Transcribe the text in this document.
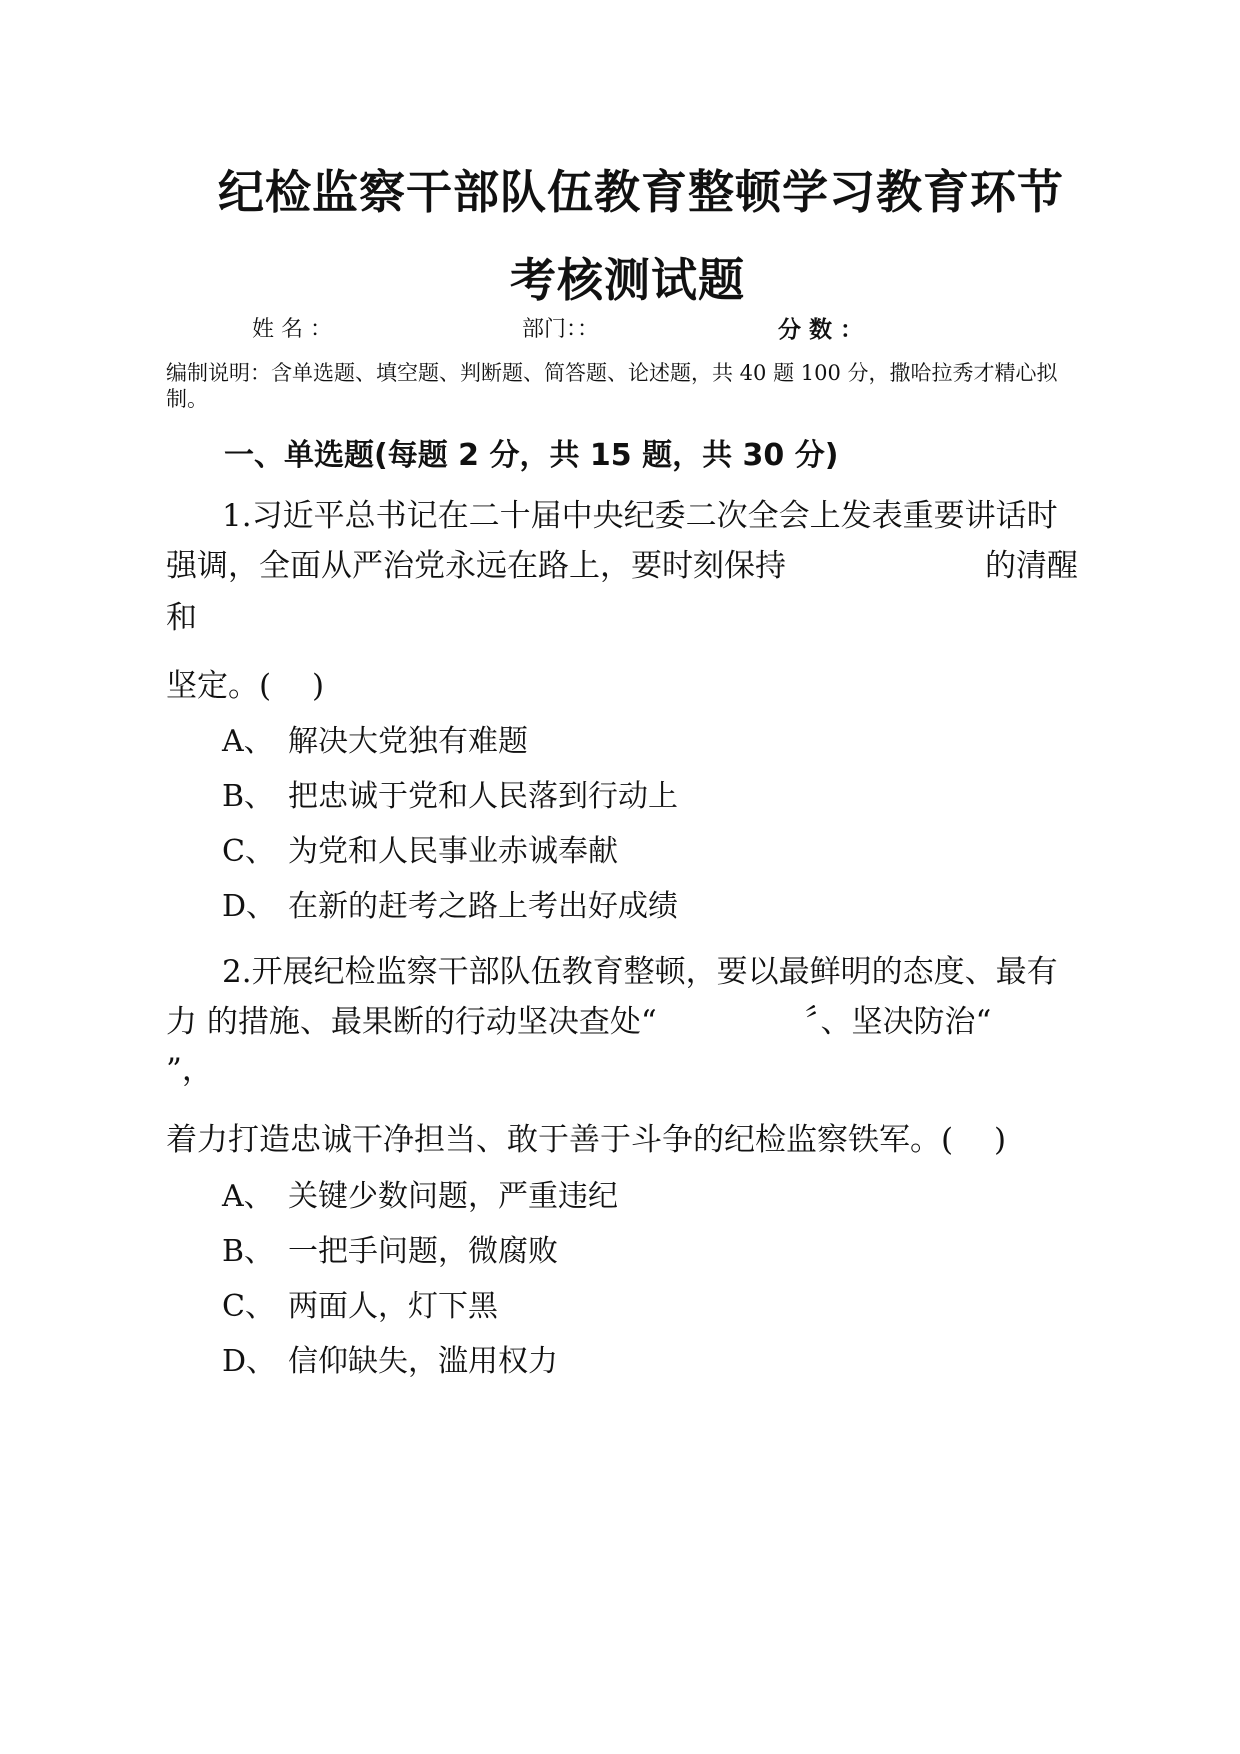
纪检监察干部队伍教育整顿学习教育环节
考核测试题
姓 名 ：	部门：：	分 数 ：
编制说明：含单选题、填空题、判断题、简答题、论述题，共 40 题 100 分，撒哈拉秀才精心拟
制。
一、单选题(每题 2 分，共 15 题，共 30 分)
1.习近平总书记在二十届中央纪委二次全会上发表重要讲话时
强调，全面从严治党永远在路上，要时刻保持	的清醒
和
坚定。(　 )
A、 解决大党独有难题
B、 把忠诚于党和人民落到行动上
C、 为党和人民事业赤诚奉献
D、 在新的赶考之路上考出好成绩
2.开展纪检监察干部队伍教育整顿，要以最鲜明的态度、最有
力 的措施、最果断的行动坚决查处“	〞、坚决防治“
”，
着力打造忠诚干净担当、敢于善于斗争的纪检监察铁军。(　 )
A、 关键少数问题，严重违纪
B、 一把手问题，微腐败
C、 两面人，灯下黑
D、 信仰缺失，滥用权力
